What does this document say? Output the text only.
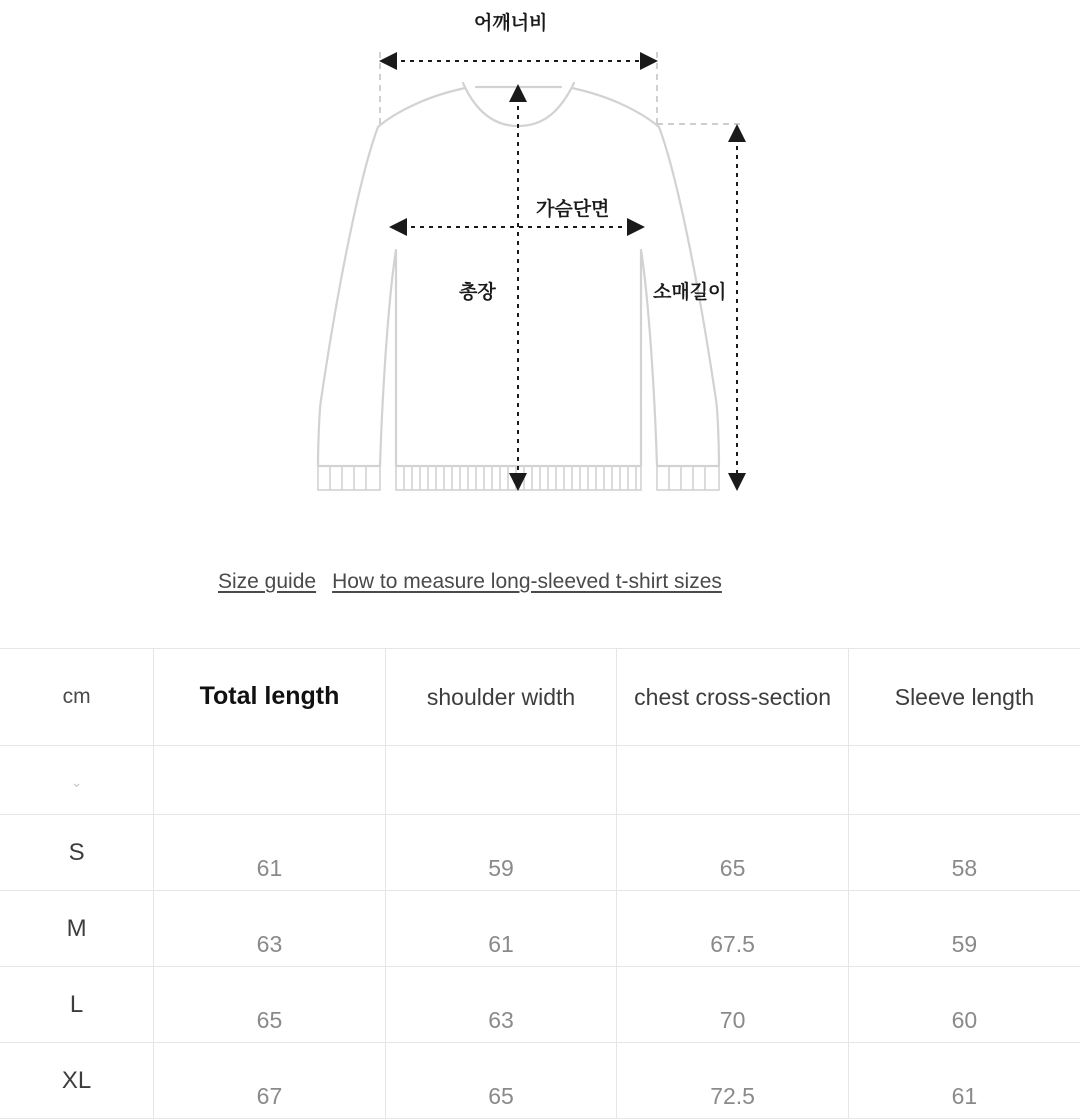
어깨너비
가슴단면
총장	소매길이
Size guide How to measure long-sleeved t-shirt sizes
cm	Total length	shoulder width	chest cross-section	Sleeve length
⌄				
S	61	59	65	58
M	63	61	67.5	59
L	65	63	70	60
XL	67	65	72.5	61
